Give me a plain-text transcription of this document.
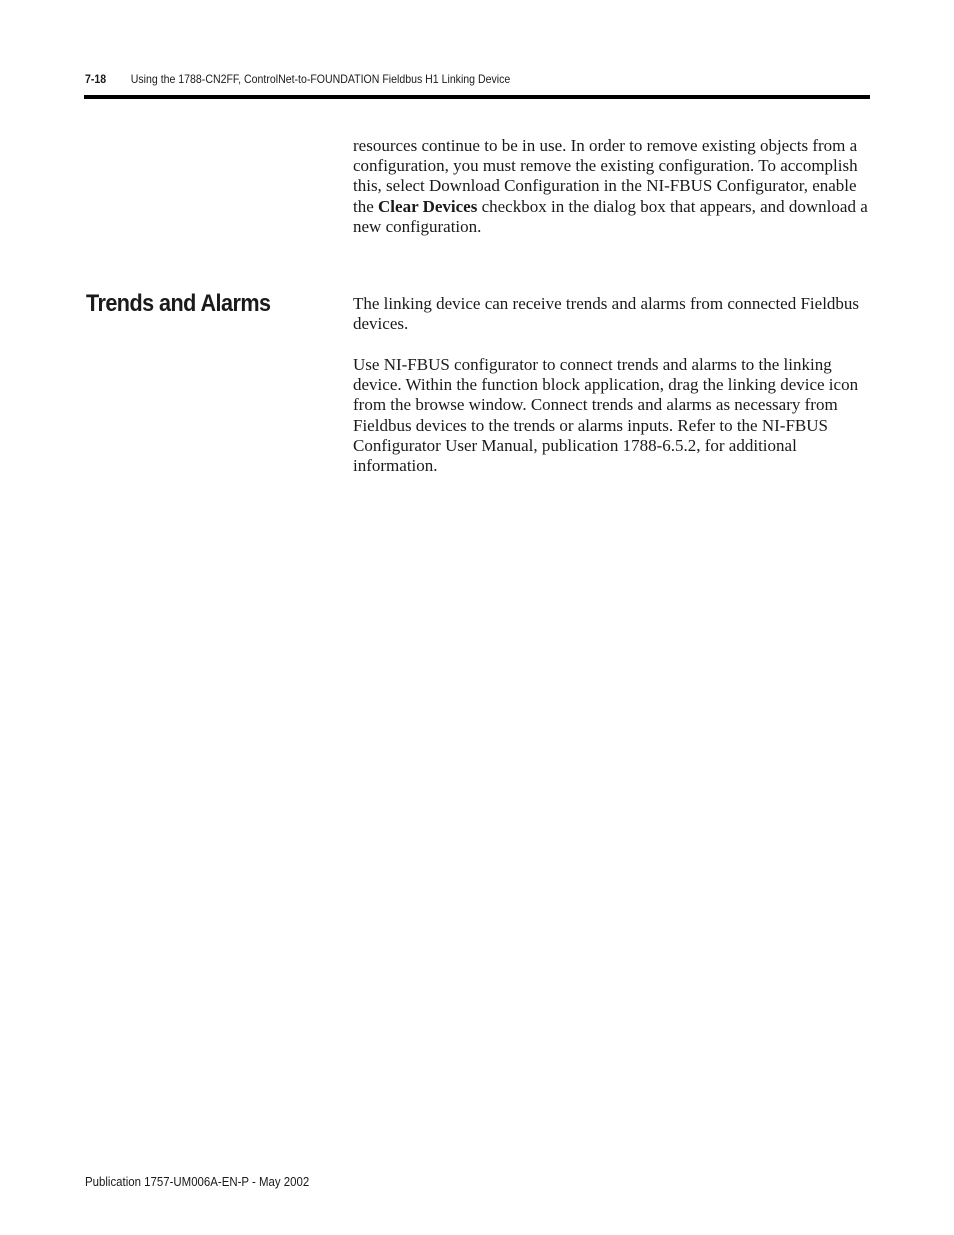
7-18 Using the 1788-CN2FF, ControlNet-to-FOUNDATION Fieldbus H1 Linking Device

resources continue to be in use. In order to remove existing objects from a configuration, you must remove the existing configuration. To accomplish this, select Download Configuration in the NI-FBUS Configurator, enable the Clear Devices checkbox in the dialog box that appears, and download a new configuration.

Trends and Alarms	The linking device can receive trends and alarms from connected Fieldbus devices.

Use NI-FBUS configurator to connect trends and alarms to the linking device. Within the function block application, drag the linking device icon from the browse window. Connect trends and alarms as necessary from Fieldbus devices to the trends or alarms inputs. Refer to the NI-FBUS Configurator User Manual, publication 1788-6.5.2, for additional information.

Publication 1757-UM006A-EN-P - May 2002
